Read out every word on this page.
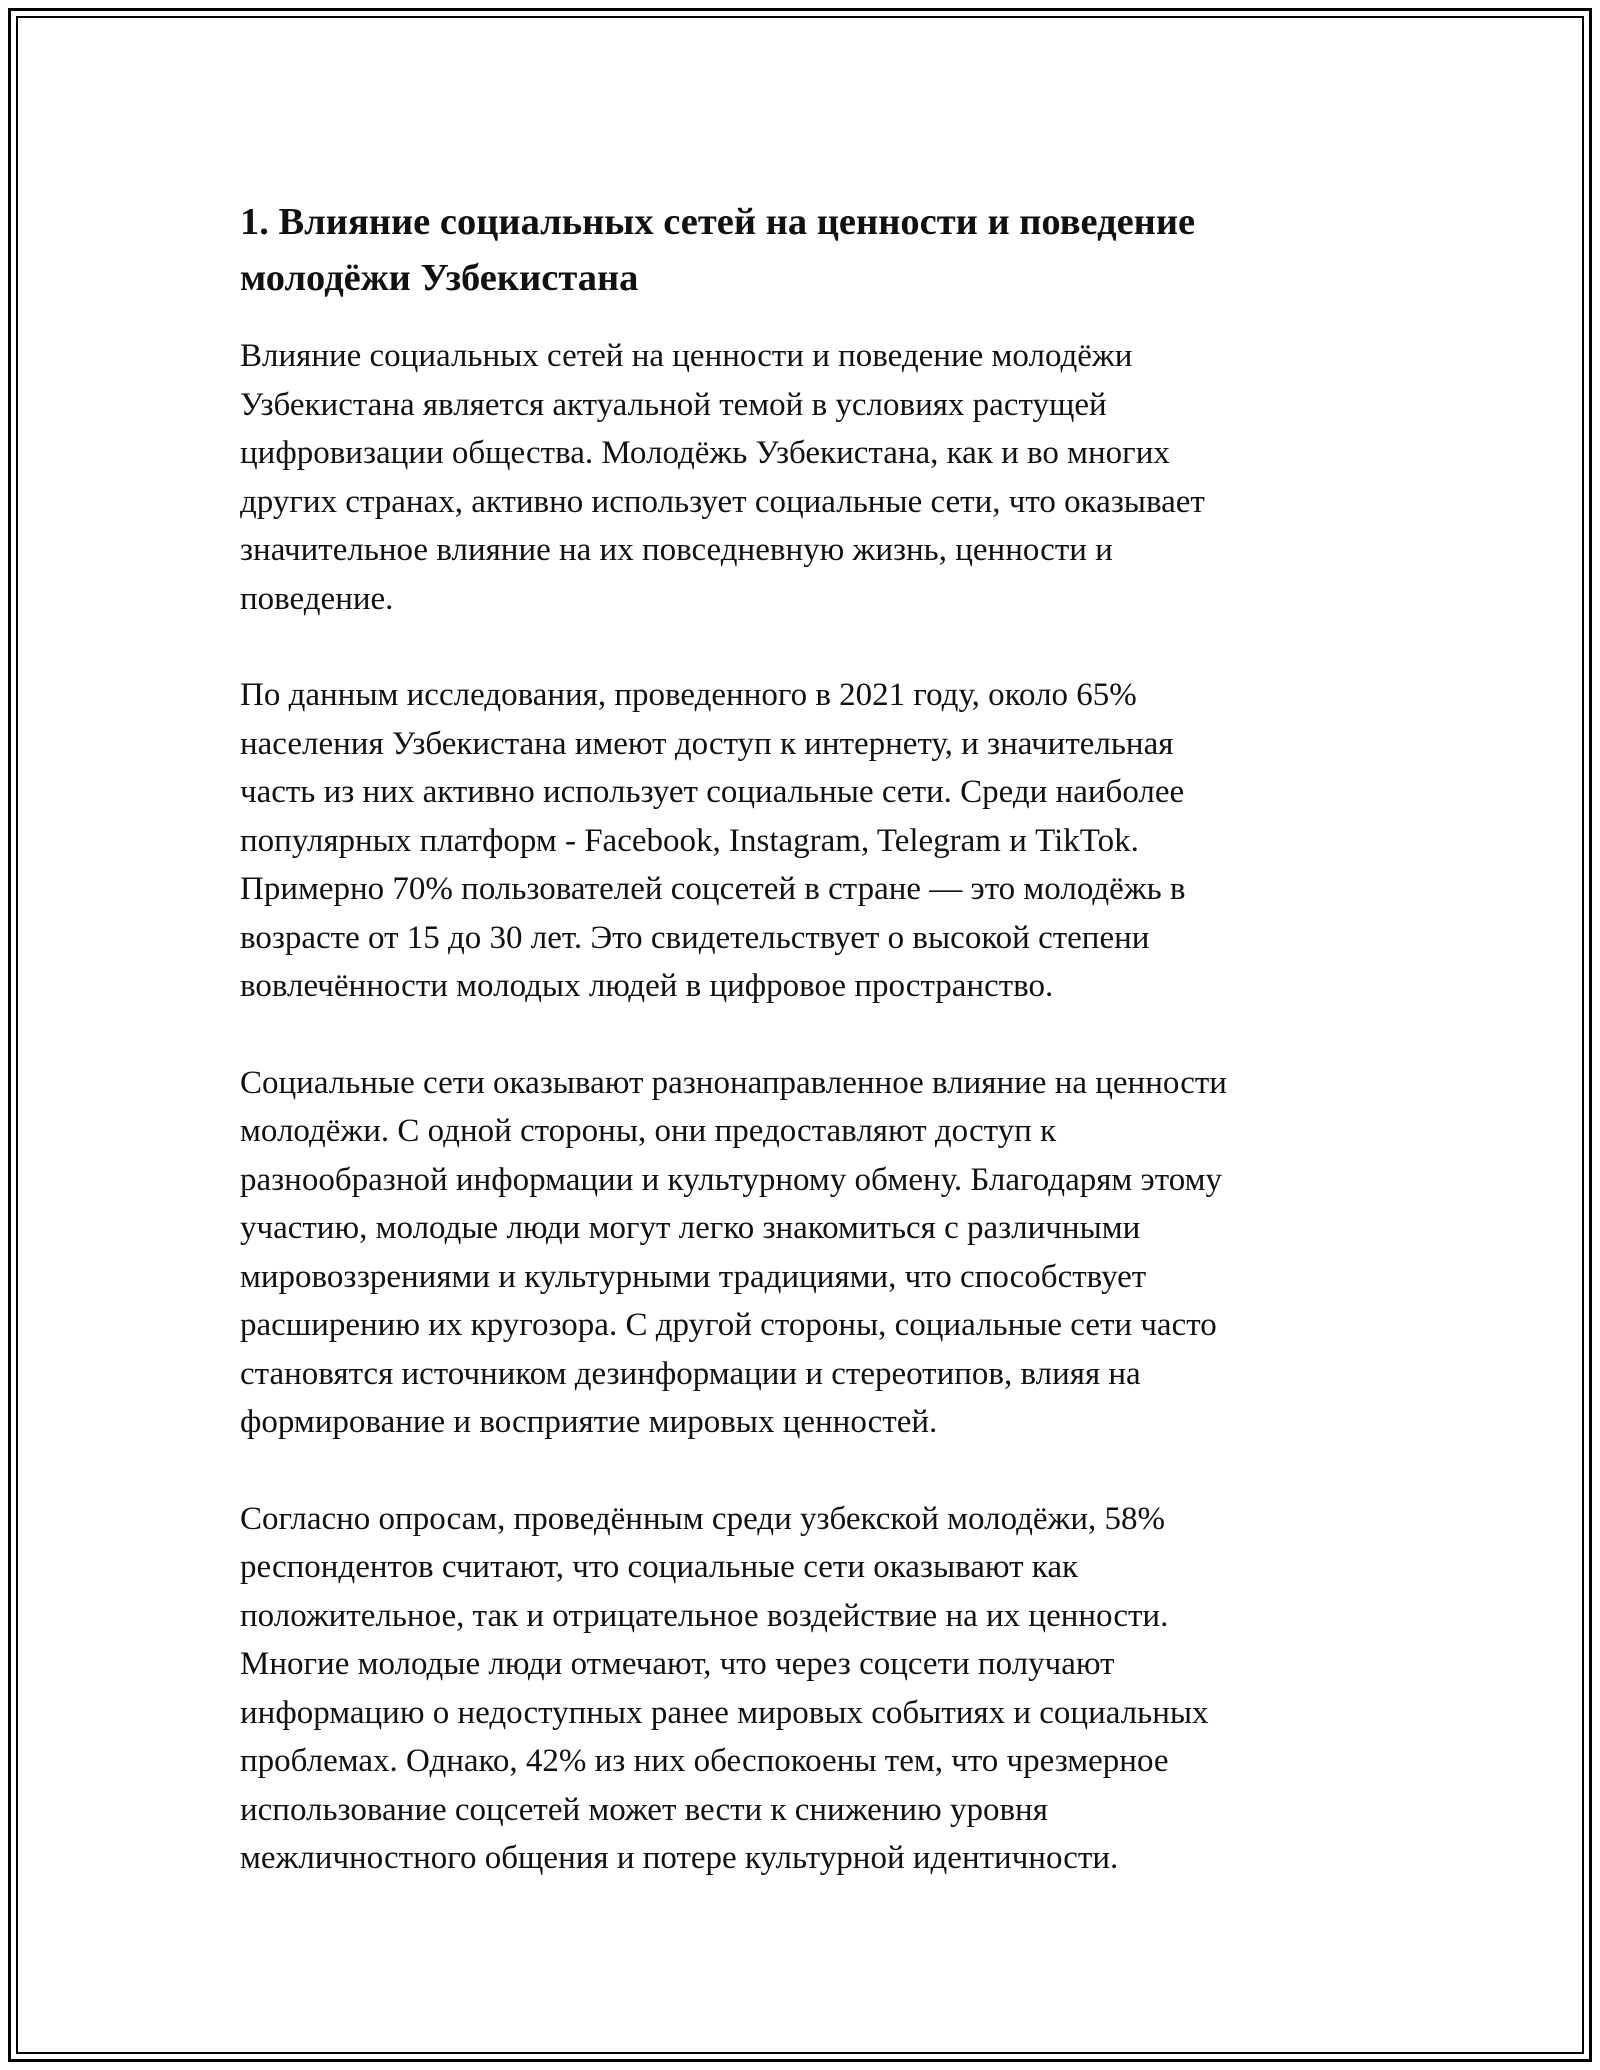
1. Влияние социальных сетей на ценности и поведение
молодёжи Узбекистана

Влияние социальных сетей на ценности и поведение молодёжи
Узбекистана является актуальной темой в условиях растущей
цифровизации общества. Молодёжь Узбекистана, как и во многих
других странах, активно использует социальные сети, что оказывает
значительное влияние на их повседневную жизнь, ценности и
поведение.

По данным исследования, проведенного в 2021 году, около 65%
населения Узбекистана имеют доступ к интернету, и значительная
часть из них активно использует социальные сети. Среди наиболее
популярных платформ - Facebook, Instagram, Telegram и TikTok.
Примерно 70% пользователей соцсетей в стране — это молодёжь в
возрасте от 15 до 30 лет. Это свидетельствует о высокой степени
вовлечённости молодых людей в цифровое пространство.

Социальные сети оказывают разнонаправленное влияние на ценности
молодёжи. С одной стороны, они предоставляют доступ к
разнообразной информации и культурному обмену. Благодарям этому
участию, молодые люди могут легко знакомиться с различными
мировоззрениями и культурными традициями, что способствует
расширению их кругозора. С другой стороны, социальные сети часто
становятся источником дезинформации и стереотипов, влияя на
формирование и восприятие мировых ценностей.

Согласно опросам, проведённым среди узбекской молодёжи, 58%
респондентов считают, что социальные сети оказывают как
положительное, так и отрицательное воздействие на их ценности.
Многие молодые люди отмечают, что через соцсети получают
информацию о недоступных ранее мировых событиях и социальных
проблемах. Однако, 42% из них обеспокоены тем, что чрезмерное
использование соцсетей может вести к снижению уровня
межличностного общения и потере культурной идентичности.
